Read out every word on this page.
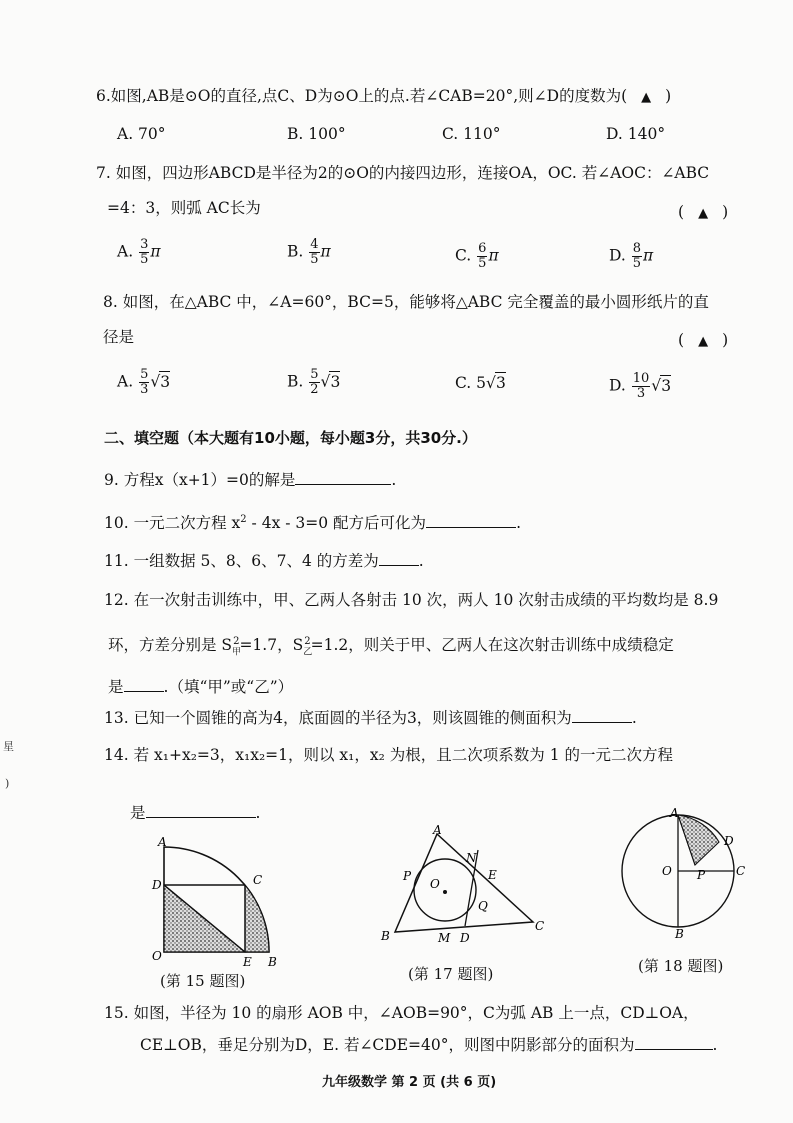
6.如图,AB是⊙O的直径,点C、D为⊙O上的点.若∠CAB=20°,则∠D的度数为( ▲ )
A. 70°	B. 100°	C. 110°	D. 140°
7. 如图，四边形ABCD是半径为2的⊙O的内接四边形，连接OA，OC. 若∠AOC：∠ABC
=4：3，则弧 AC长为	( ▲ )
A. $\frac{3}{5}$ π	B. $\frac{4}{5}$ π	C. $\frac{6}{5}$ π	D. $\frac{8}{5}$ π
8. 如图，在△ABC 中，∠A=60°，BC=5，能够将△ABC 完全覆盖的最小圆形纸片的直
径是	( ▲ )
A. $\frac{5}{3} √3$	B. $\frac{5}{2} √3$	C. 5√3	D. $\frac{10}{3} √3$
二、填空题（本大题有10小题，每小题3分，共30分.）
9. 方程x（x+1）=0的解是	.
10. 一元二次方程 $x^2 - 4x - 3=0$ 配方后可化为	.
11. 一组数据 5、8、6、7、4 的方差为	.
12. 在一次射击训练中，甲、乙两人各射击 10 次，两人 10 次射击成绩的平均数均是 8.9
环，方差分别是 $S_甲^2=1.7$，$S_乙^2=1.2$，则关于甲、乙两人在这次射击训练中成绩稳定
是	.（填“甲”或“乙”）
13. 已知一个圆锥的高为4，底面圆的半径为3，则该圆锥的侧面积为	.
14. 若 x₁+x₂=3，x₁x₂=1，则以 x₁，x₂ 为根，且二次项系数为 1 的一元二次方程
是	.
A
D	C
O	E B
(第 15 题图)
A
N
P
O
E
Q
B	M D
C
(第 17 题图)
A
D
O P	C
B
(第 18 题图)
15. 如图，半径为 10 的扇形 AOB 中，∠AOB=90°，C为弧 AB 上一点，CD⊥OA，
CE⊥OB，垂足分别为D，E. 若∠CDE=40°，则图中阴影部分的面积为	.
九年级数学 第 2 页 (共 6 页)
星
)
